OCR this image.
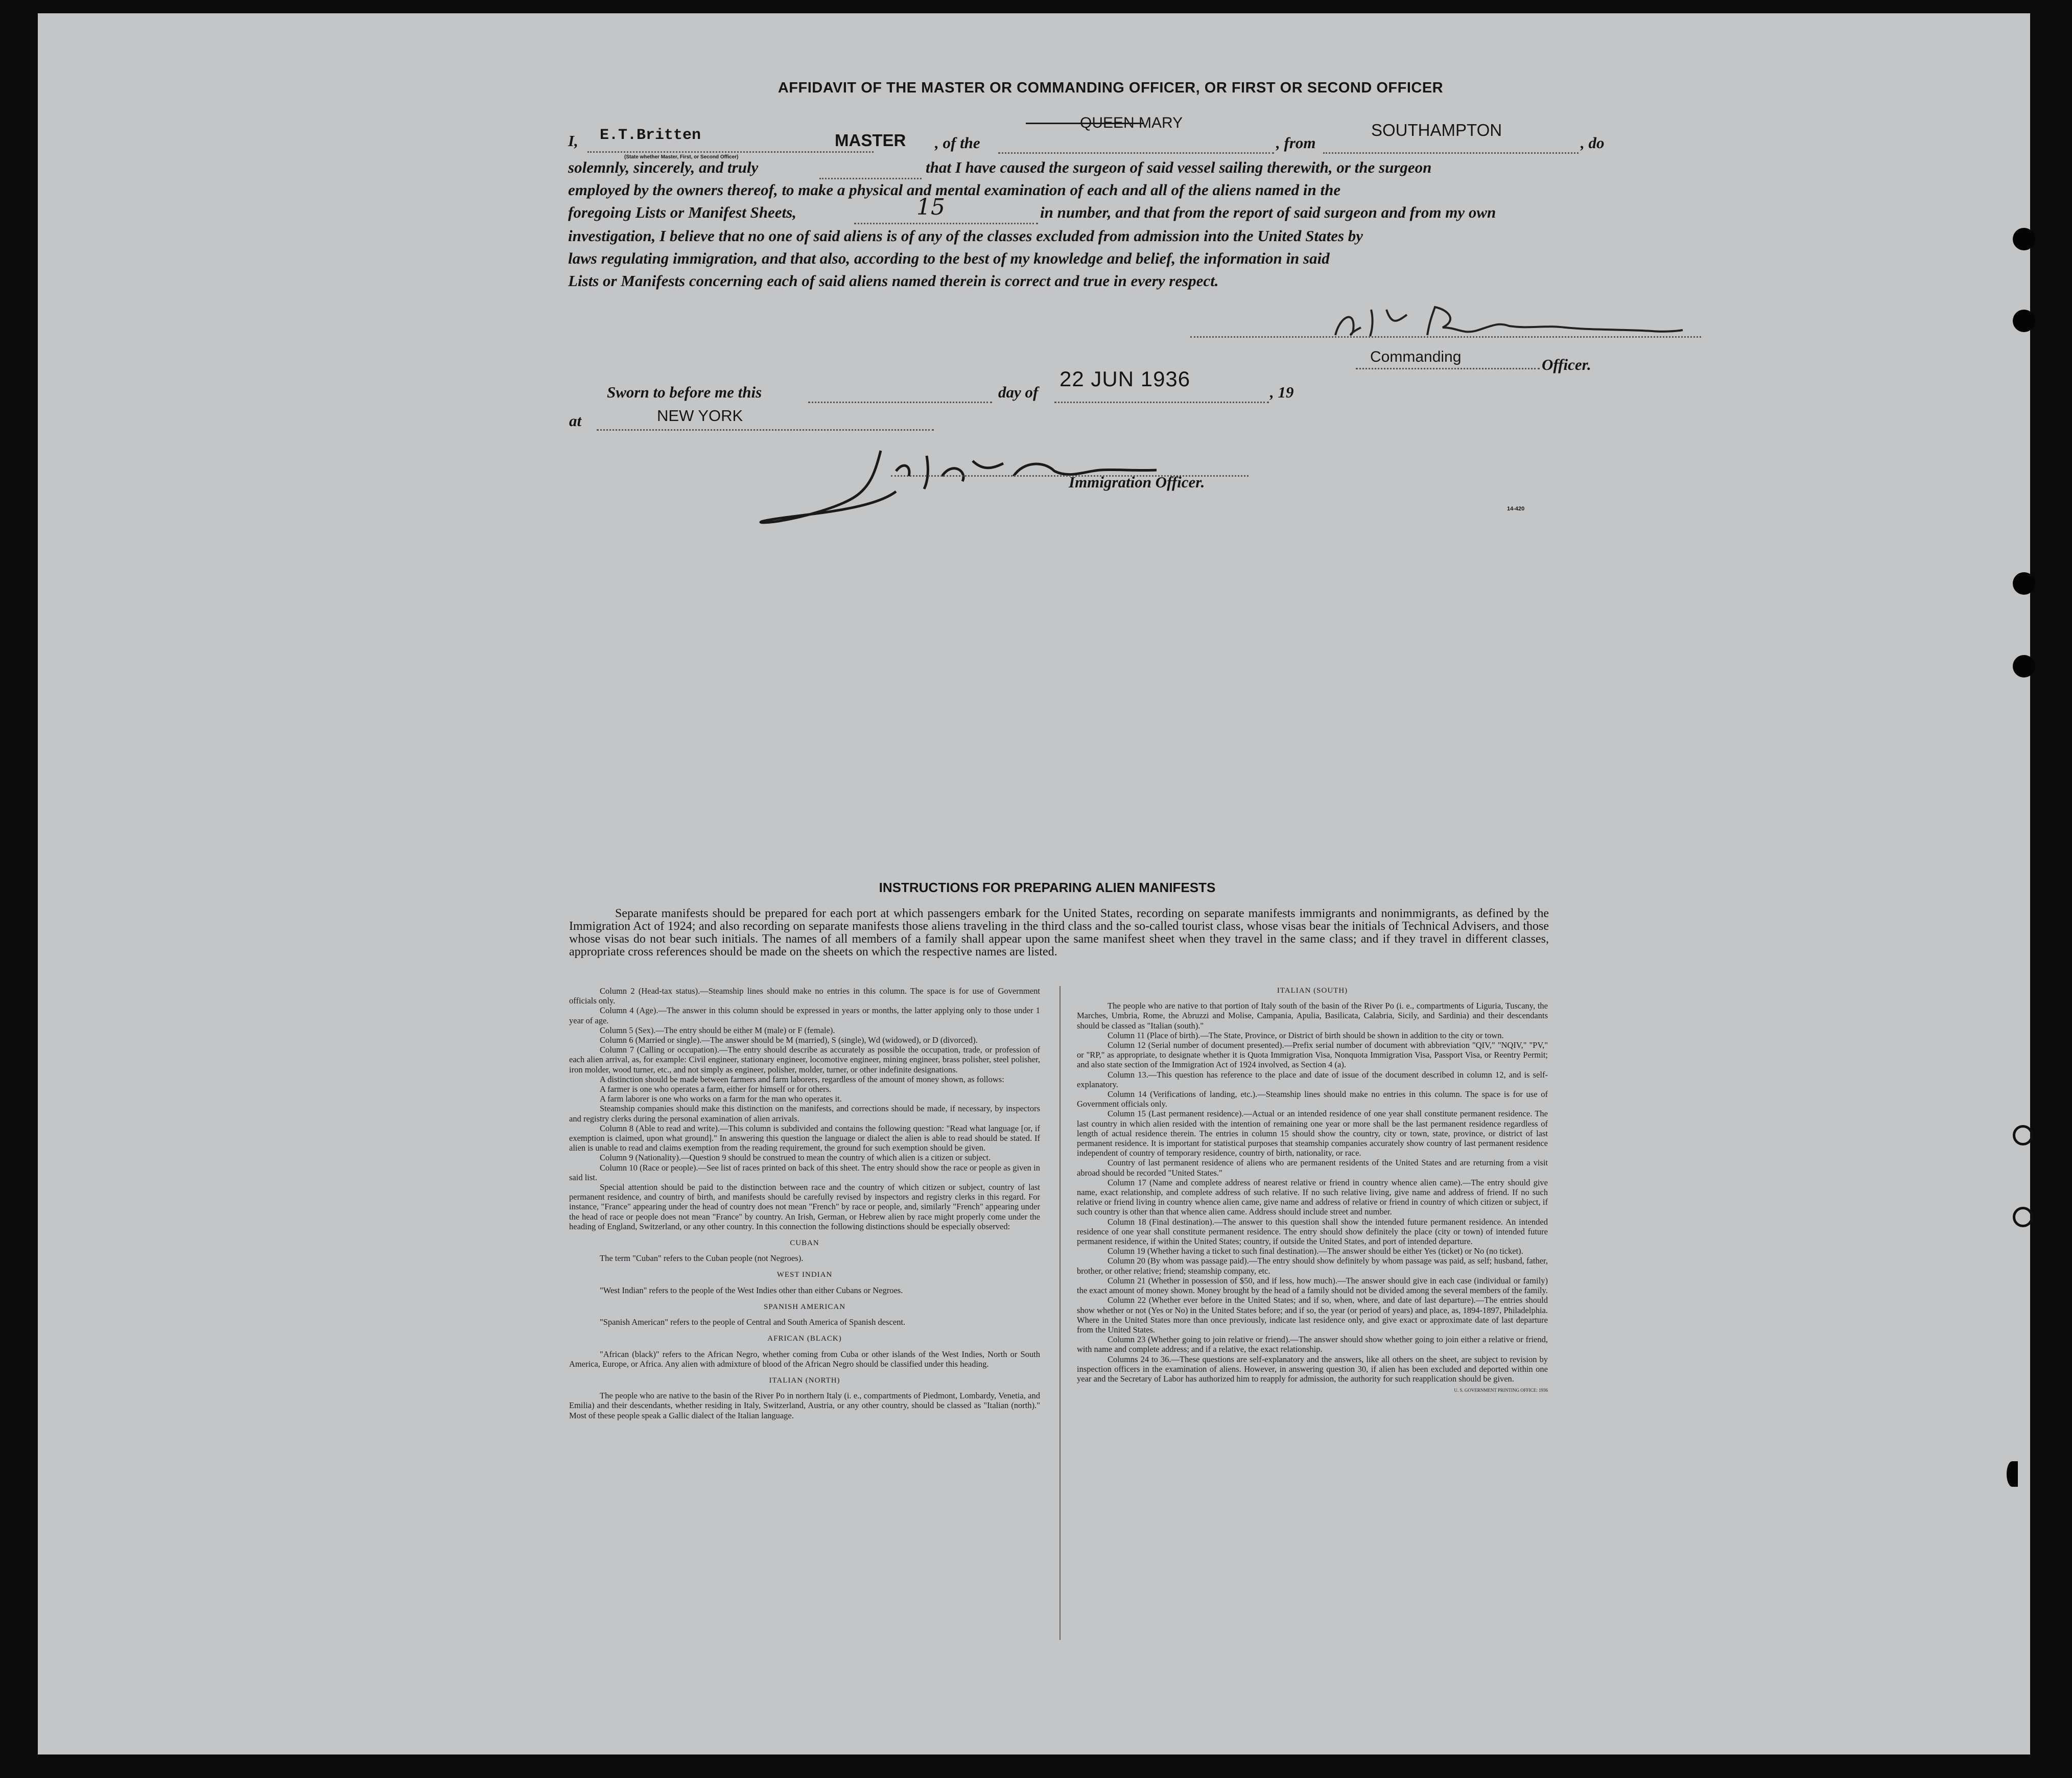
AFFIDAVIT OF THE MASTER OR COMMANDING OFFICER, OR FIRST OR SECOND OFFICER
I, E.T.Britten	MASTER
(State whether Master, First, or Second Officer)
, of the
QUEEN MARY
, from
SOUTHAMPTON
, do
solemnly, sincerely, and truly	that I have caused the surgeon of said vessel sailing therewith, or the surgeon
employed by the owners thereof, to make a physical and mental examination of each and all of the aliens named in the
foregoing Lists or Manifest Sheets,	15	in number, and that from the report of said surgeon and from my own
investigation, I believe that no one of said aliens is of any of the classes excluded from admission into the United States by
laws regulating immigration, and that also, according to the best of my knowledge and belief, the information in said
Lists or Manifests concerning each of said aliens named therein is correct and true in every respect.
Commanding	Officer.
Sworn to before me this	day of
22 JUN 1936
, 19
at	NEW YORK
Immigration Officer.
14-420
INSTRUCTIONS FOR PREPARING ALIEN MANIFESTS
Separate manifests should be prepared for each port at which passengers embark for the United States, recording on separate manifests immigrants and nonimmigrants, as defined by the Immigration Act of 1924; and also recording on separate manifests those aliens traveling in the third class and the so-called tourist class, whose visas bear the initials of Technical Advisers, and those whose visas do not bear such initials. The names of all members of a family shall appear upon the same manifest sheet when they travel in the same class; and if they travel in different classes, appropriate cross references should be made on the sheets on which the respective names are listed.

Column 2 (Head-tax status).—Steamship lines should make no entries in this column. The space is for use of Government officials only.

Column 4 (Age).—The answer in this column should be expressed in years or months, the latter applying only to those under 1 year of age.

Column 5 (Sex).—The entry should be either M (male) or F (female).

Column 6 (Married or single).—The answer should be M (married), S (single), Wd (widowed), or D (divorced).

Column 7 (Calling or occupation).—The entry should describe as accurately as possible the occupation, trade, or profession of each alien arrival, as, for example: Civil engineer, stationary engineer, locomotive engineer, mining engineer, brass polisher, steel polisher, iron molder, wood turner, etc., and not simply as engineer, polisher, molder, turner, or other indefinite designations.

A distinction should be made between farmers and farm laborers, regardless of the amount of money shown, as follows:

A farmer is one who operates a farm, either for himself or for others.

A farm laborer is one who works on a farm for the man who operates it.

Steamship companies should make this distinction on the manifests, and corrections should be made, if necessary, by inspectors and registry clerks during the personal examination of alien arrivals.

Column 8 (Able to read and write).—This column is subdivided and contains the following question: "Read what language [or, if exemption is claimed, upon what ground]." In answering this question the language or dialect the alien is able to read should be stated. If alien is unable to read and claims exemption from the reading requirement, the ground for such exemption should be given.

Column 9 (Nationality).—Question 9 should be construed to mean the country of which alien is a citizen or subject.

Column 10 (Race or people).—See list of races printed on back of this sheet. The entry should show the race or people as given in said list.

Special attention should be paid to the distinction between race and the country of which citizen or subject, country of last permanent residence, and country of birth, and manifests should be carefully revised by inspectors and registry clerks in this regard. For instance, "France" appearing under the head of country does not mean "French" by race or people, and, similarly "French" appearing under the head of race or people does not mean "France" by country. An Irish, German, or Hebrew alien by race might properly come under the heading of England, Switzerland, or any other country. In this connection the following distinctions should be especially observed:

CUBAN

The term "Cuban" refers to the Cuban people (not Negroes).

WEST INDIAN

"West Indian" refers to the people of the West Indies other than either Cubans or Negroes.

SPANISH AMERICAN

"Spanish American" refers to the people of Central and South America of Spanish descent.

AFRICAN (BLACK)

"African (black)" refers to the African Negro, whether coming from Cuba or other islands of the West Indies, North or South America, Europe, or Africa. Any alien with admixture of blood of the African Negro should be classified under this heading.

ITALIAN (NORTH)

The people who are native to the basin of the River Po in northern Italy (i. e., compartments of Piedmont, Lombardy, Venetia, and Emilia) and their descendants, whether residing in Italy, Switzerland, Austria, or any other country, should be classed as "Italian (north)." Most of these people speak a Gallic dialect of the Italian language.

ITALIAN (SOUTH)

The people who are native to that portion of Italy south of the basin of the River Po (i. e., compartments of Liguria, Tuscany, the Marches, Umbria, Rome, the Abruzzi and Molise, Campania, Apulia, Basilicata, Calabria, Sicily, and Sardinia) and their descendants should be classed as "Italian (south)."

Column 11 (Place of birth).—The State, Province, or District of birth should be shown in addition to the city or town.

Column 12 (Serial number of document presented).—Prefix serial number of document with abbreviation "QIV," "NQIV," "PV," or "RP," as appropriate, to designate whether it is Quota Immigration Visa, Nonquota Immigration Visa, Passport Visa, or Reentry Permit; and also state section of the Immigration Act of 1924 involved, as Section 4 (a).

Column 13.—This question has reference to the place and date of issue of the document described in column 12, and is self-explanatory.

Column 14 (Verifications of landing, etc.).—Steamship lines should make no entries in this column. The space is for use of Government officials only.

Column 15 (Last permanent residence).—Actual or an intended residence of one year shall constitute permanent residence. The last country in which alien resided with the intention of remaining one year or more shall be the last permanent residence regardless of length of actual residence therein. The entries in column 15 should show the country, city or town, state, province, or district of last permanent residence. It is important for statistical purposes that steamship companies accurately show country of last permanent residence independent of country of temporary residence, country of birth, nationality, or race.

Country of last permanent residence of aliens who are permanent residents of the United States and are returning from a visit abroad should be recorded "United States."

Column 17 (Name and complete address of nearest relative or friend in country whence alien came).—The entry should give name, exact relationship, and complete address of such relative. If no such relative living, give name and address of friend. If no such relative or friend living in country whence alien came, give name and address of relative or friend in country of which citizen or subject, if such country is other than that whence alien came. Address should include street and number.

Column 18 (Final destination).—The answer to this question shall show the intended future permanent residence. An intended residence of one year shall constitute permanent residence. The entry should show definitely the place (city or town) of intended future permanent residence, if within the United States; country, if outside the United States, and port of intended departure.

Column 19 (Whether having a ticket to such final destination).—The answer should be either Yes (ticket) or No (no ticket).

Column 20 (By whom was passage paid).—The entry should show definitely by whom passage was paid, as self; husband, father, brother, or other relative; friend; steamship company, etc.

Column 21 (Whether in possession of $50, and if less, how much).—The answer should give in each case (individual or family) the exact amount of money shown. Money brought by the head of a family should not be divided among the several members of the family.

Column 22 (Whether ever before in the United States; and if so, when, where, and date of last departure).—The entries should show whether or not (Yes or No) in the United States before; and if so, the year (or period of years) and place, as, 1894-1897, Philadelphia. Where in the United States more than once previously, indicate last residence only, and give exact or approximate date of last departure from the United States.

Column 23 (Whether going to join relative or friend).—The answer should show whether going to join either a relative or friend, with name and complete address; and if a relative, the exact relationship.

Columns 24 to 36.—These questions are self-explanatory and the answers, like all others on the sheet, are subject to revision by inspection officers in the examination of aliens. However, in answering question 30, if alien has been excluded and deported within one year and the Secretary of Labor has authorized him to reapply for admission, the authority for such reapplication should be given.

U. S. GOVERNMENT PRINTING OFFICE: 1936
